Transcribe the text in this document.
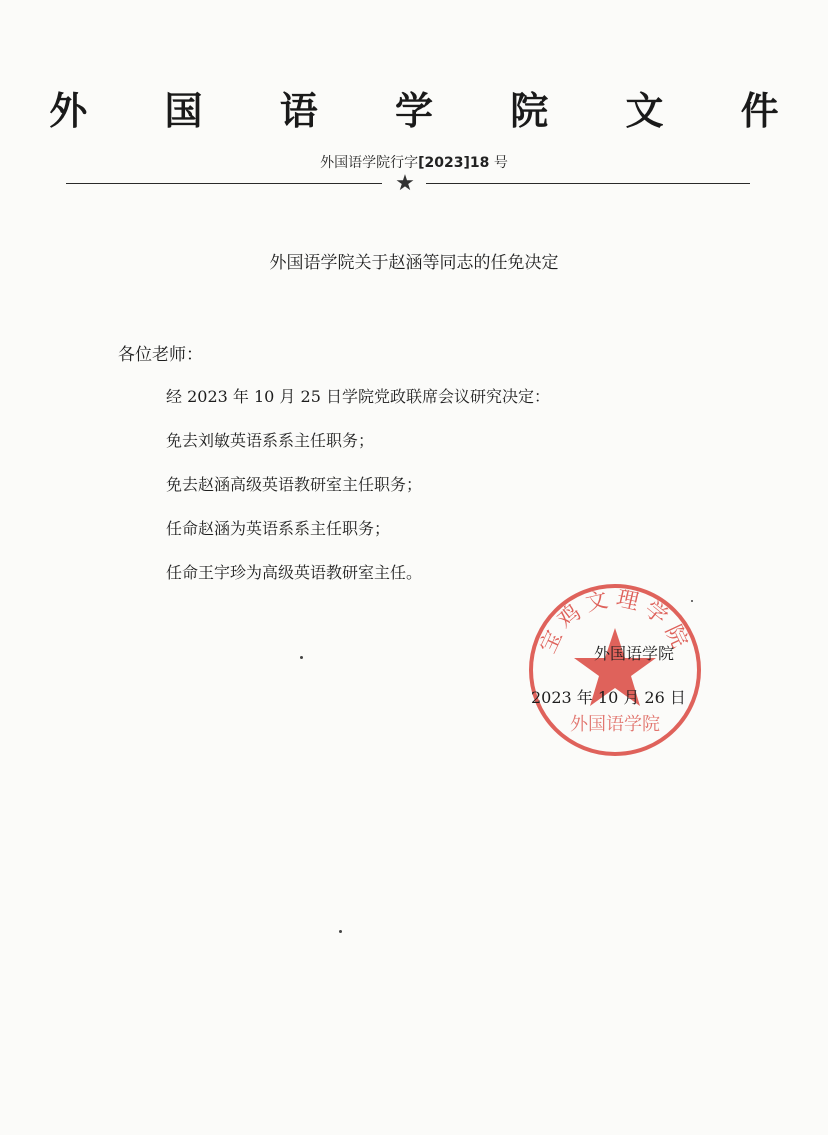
外 国 语 学 院 文 件
外国语学院行字[2023]18 号
★
外国语学院关于赵涵等同志的任免决定
各位老师：
经 2023 年 10 月 25 日学院党政联席会议研究决定：
免去刘敏英语系系主任职务；
免去赵涵高级英语教研室主任职务；
任命赵涵为英语系系主任职务；
任命王宇珍为高级英语教研室主任。
宝鸡文理学院
外国语学院
外国语学院
2023 年 10 月 26 日
